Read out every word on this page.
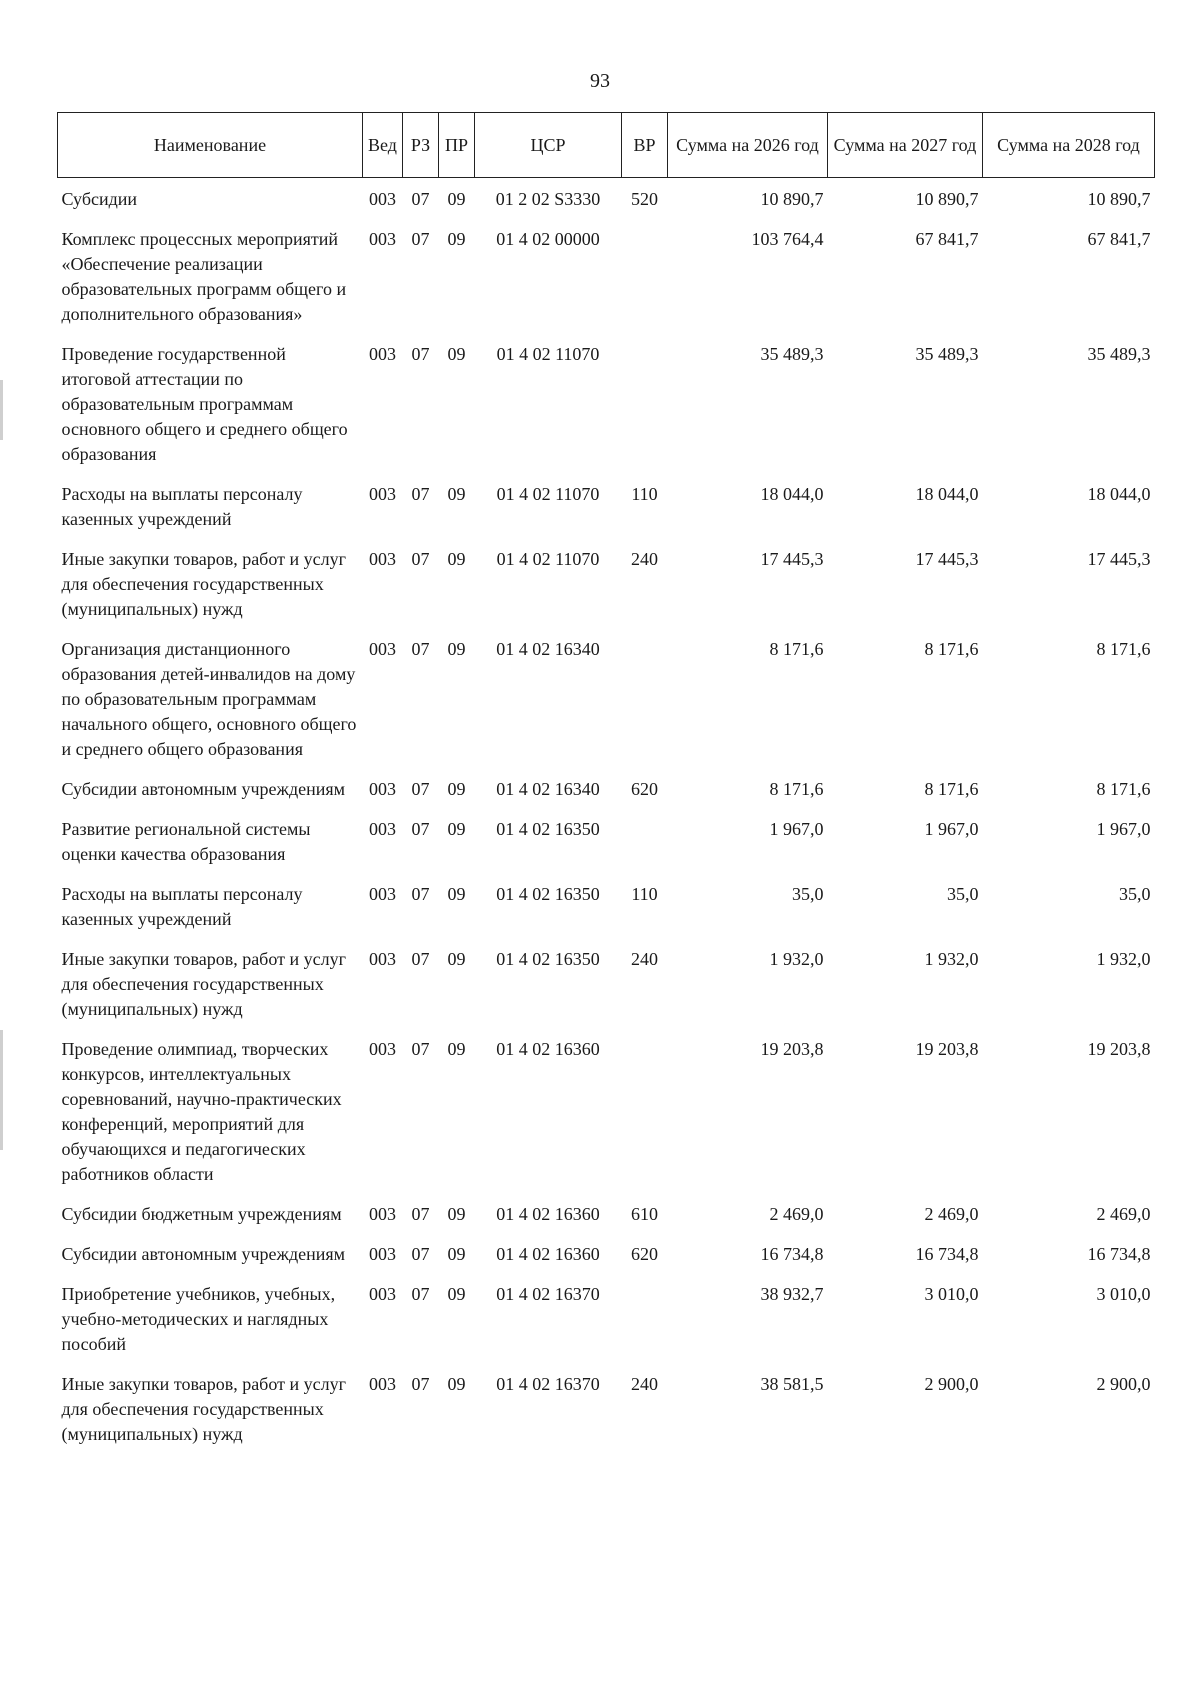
93
Наименование	Вед	РЗ	ПР	ЦСР	ВР	Сумма на 2026 год	Сумма на 2027 год	Сумма на 2028 год
Субсидии	003	07	09	01 2 02 S3330	520	10 890,7	10 890,7	10 890,7
Комплекс процессных мероприятий «Обеспечение реализации образовательных программ общего и дополнительного образования»	003	07	09	01 4 02 00000		103 764,4	67 841,7	67 841,7
Проведение государственной итоговой аттестации по образовательным программам основного общего и среднего общего образования	003	07	09	01 4 02 11070		35 489,3	35 489,3	35 489,3
Расходы на выплаты персоналу казенных учреждений	003	07	09	01 4 02 11070	110	18 044,0	18 044,0	18 044,0
Иные закупки товаров, работ и услуг для обеспечения государственных (муниципальных) нужд	003	07	09	01 4 02 11070	240	17 445,3	17 445,3	17 445,3
Организация дистанционного образования детей-инвалидов на дому по образовательным программам начального общего, основного общего и среднего общего образования	003	07	09	01 4 02 16340		8 171,6	8 171,6	8 171,6
Субсидии автономным учреждениям	003	07	09	01 4 02 16340	620	8 171,6	8 171,6	8 171,6
Развитие региональной системы оценки качества образования	003	07	09	01 4 02 16350		1 967,0	1 967,0	1 967,0
Расходы на выплаты персоналу казенных учреждений	003	07	09	01 4 02 16350	110	35,0	35,0	35,0
Иные закупки товаров, работ и услуг для обеспечения государственных (муниципальных) нужд	003	07	09	01 4 02 16350	240	1 932,0	1 932,0	1 932,0
Проведение олимпиад, творческих конкурсов, интеллектуальных соревнований, научно-практических конференций, мероприятий для обучающихся и педагогических работников области	003	07	09	01 4 02 16360		19 203,8	19 203,8	19 203,8
Субсидии бюджетным учреждениям	003	07	09	01 4 02 16360	610	2 469,0	2 469,0	2 469,0
Субсидии автономным учреждениям	003	07	09	01 4 02 16360	620	16 734,8	16 734,8	16 734,8
Приобретение учебников, учебных, учебно-методических и наглядных пособий	003	07	09	01 4 02 16370		38 932,7	3 010,0	3 010,0
Иные закупки товаров, работ и услуг для обеспечения государственных (муниципальных) нужд	003	07	09	01 4 02 16370	240	38 581,5	2 900,0	2 900,0
